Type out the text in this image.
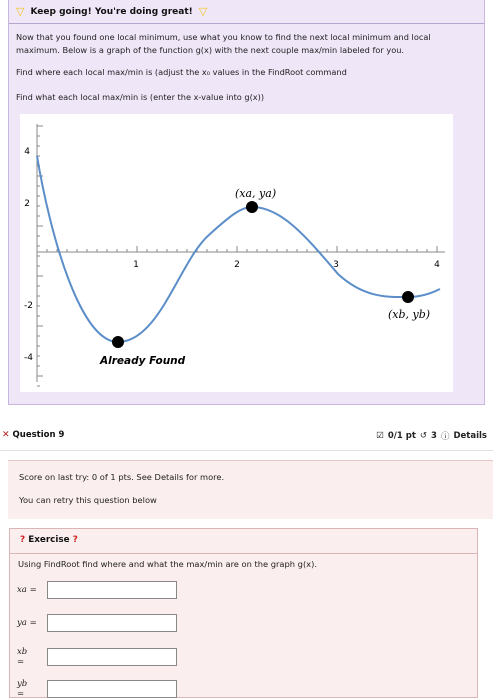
▽ Keep going! You're doing great! ▽
Now that you found one local minimum, use what you know to find the next local minimum and local maximum. Below is a graph of the function g(x) with the next couple max/min labeled for you.
Find where each local max/min is (adjust the x₀ values in the FindRoot command
Find what each local max/min is (enter the x-value into g(x))
1	2	3	4
4
2
-2
-4
(xa, ya)
(xb, yb)
Already Found
✕ Question 9	☑ 0/1 pt ↺ 3 ⓘ Details
Score on last try: 0 of 1 pts. See Details for more.
You can retry this question below
? Exercise ?
Using FindRoot find where and what the max/min are on the graph g(x).
xa =
ya =
xb =
yb =
